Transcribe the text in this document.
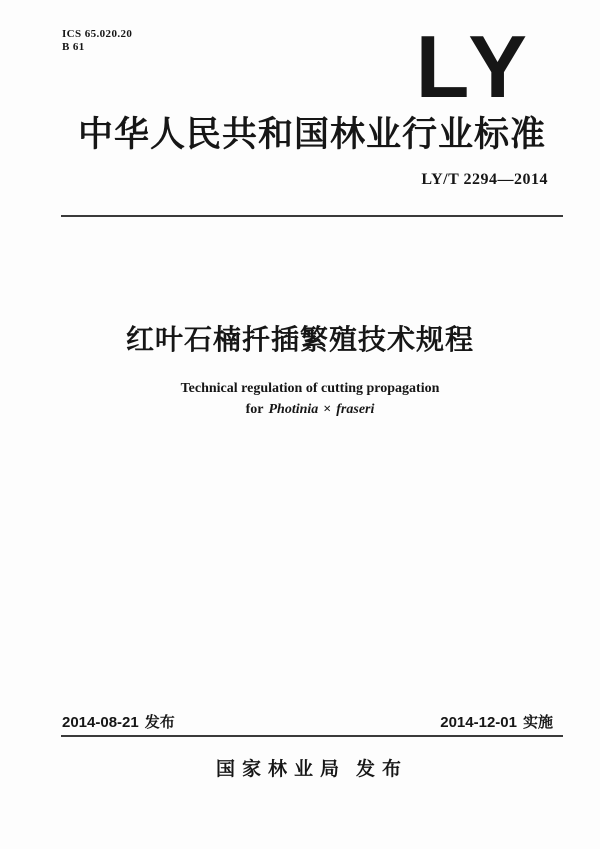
ICS 65.020.20
B 61	LY
中华人民共和国林业行业标准
LY/T 2294—2014
红叶石楠扦插繁殖技术规程
Technical regulation of cutting propagation
for Photinia × fraseri
2014-08-21 发布	2014-12-01 实施
国家林业局 发布
